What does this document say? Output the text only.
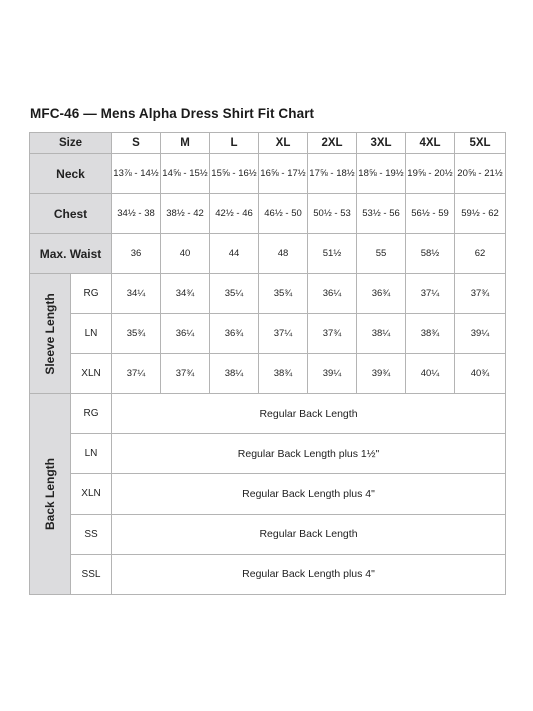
MFC-46 — Mens Alpha Dress Shirt Fit Chart
Size		S	M	L	XL	2XL	3XL	4XL	5XL
Neck		13⅞ - 14½	14⅝ - 15½	15⅝ - 16½	16⅝ - 17½	17⅝ - 18½	18⅝ - 19½	19⅝ - 20½	20⅝ - 21½
Chest		34½ - 38	38½ - 42	42½ - 46	46½ - 50	50½ - 53	53½ - 56	56½ - 59	59½ - 62
Max. Waist		36	40	44	48	51½	55	58½	62

Sleeve Length	RG	34¼	34¾	35¼	35¾	36¼	36¾	37¼	37¾
	LN	35¾	36¼	36¾	37¼	37¾	38¼	38¾	39¼
	XLN	37¼	37¾	38¼	38¾	39¼	39¾	40¼	40¾

Back Length	RG	Regular Back Length							
	LN	Regular Back Length plus 1½"							
	XLN	Regular Back Length plus 4"							
	SS	Regular Back Length							
	SSL	Regular Back Length plus 4"							
